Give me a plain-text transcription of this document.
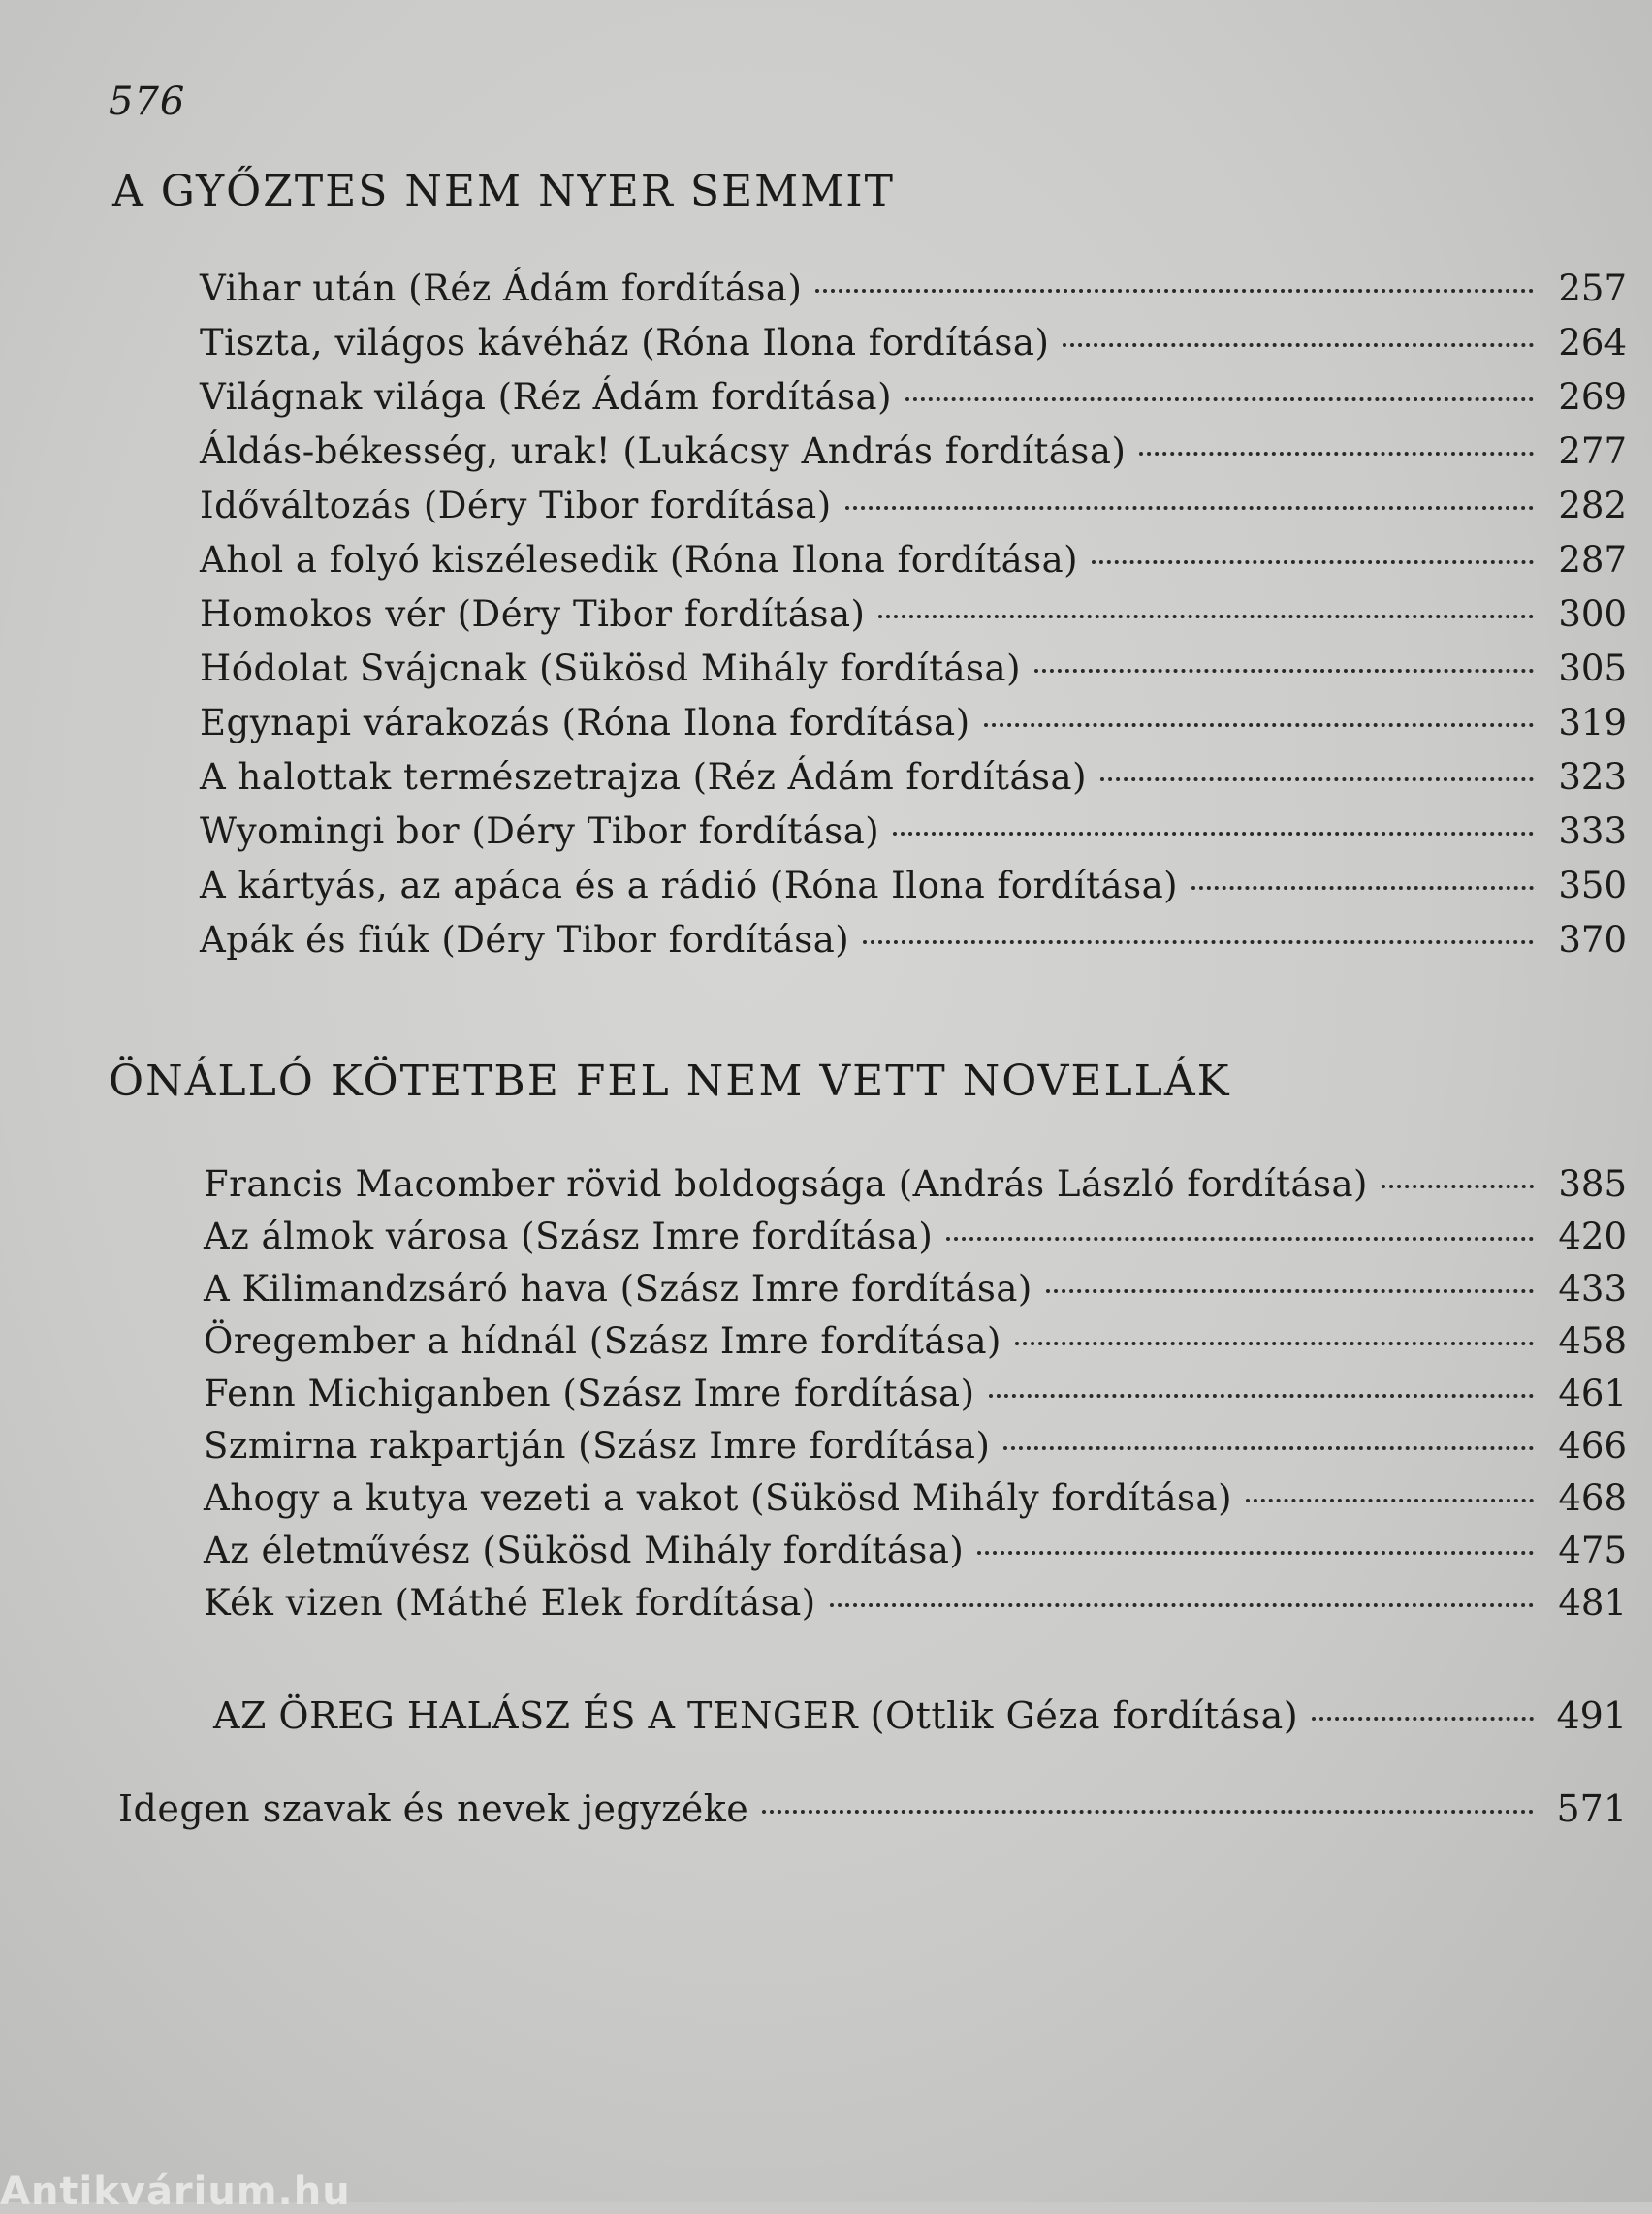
576
A GYŐZTES NEM NYER SEMMIT
Vihar után (Réz Ádám fordítása)	257
Tiszta, világos kávéház (Róna Ilona fordítása)	264
Világnak világa (Réz Ádám fordítása)	269
Áldás-békesség, urak! (Lukácsy András fordítása)	277
Időváltozás (Déry Tibor fordítása)	282
Ahol a folyó kiszélesedik (Róna Ilona fordítása)	287
Homokos vér (Déry Tibor fordítása)	300
Hódolat Svájcnak (Sükösd Mihály fordítása)	305
Egynapi várakozás (Róna Ilona fordítása)	319
A halottak természetrajza (Réz Ádám fordítása)	323
Wyomingi bor (Déry Tibor fordítása)	333
A kártyás, az apáca és a rádió (Róna Ilona fordítása)	350
Apák és fiúk (Déry Tibor fordítása)	370
ÖNÁLLÓ KÖTETBE FEL NEM VETT NOVELLÁK
Francis Macomber rövid boldogsága (András László fordítása)	385
Az álmok városa (Szász Imre fordítása)	420
A Kilimandzsáró hava (Szász Imre fordítása)	433
Öregember a hídnál (Szász Imre fordítása)	458
Fenn Michiganben (Szász Imre fordítása)	461
Szmirna rakpartján (Szász Imre fordítása)	466
Ahogy a kutya vezeti a vakot (Sükösd Mihály fordítása)	468
Az életművész (Sükösd Mihály fordítása)	475
Kék vizen (Máthé Elek fordítása)	481
AZ ÖREG HALÁSZ ÉS A TENGER (Ottlik Géza fordítása)	491
Idegen szavak és nevek jegyzéke	571
Antikvárium.hu
